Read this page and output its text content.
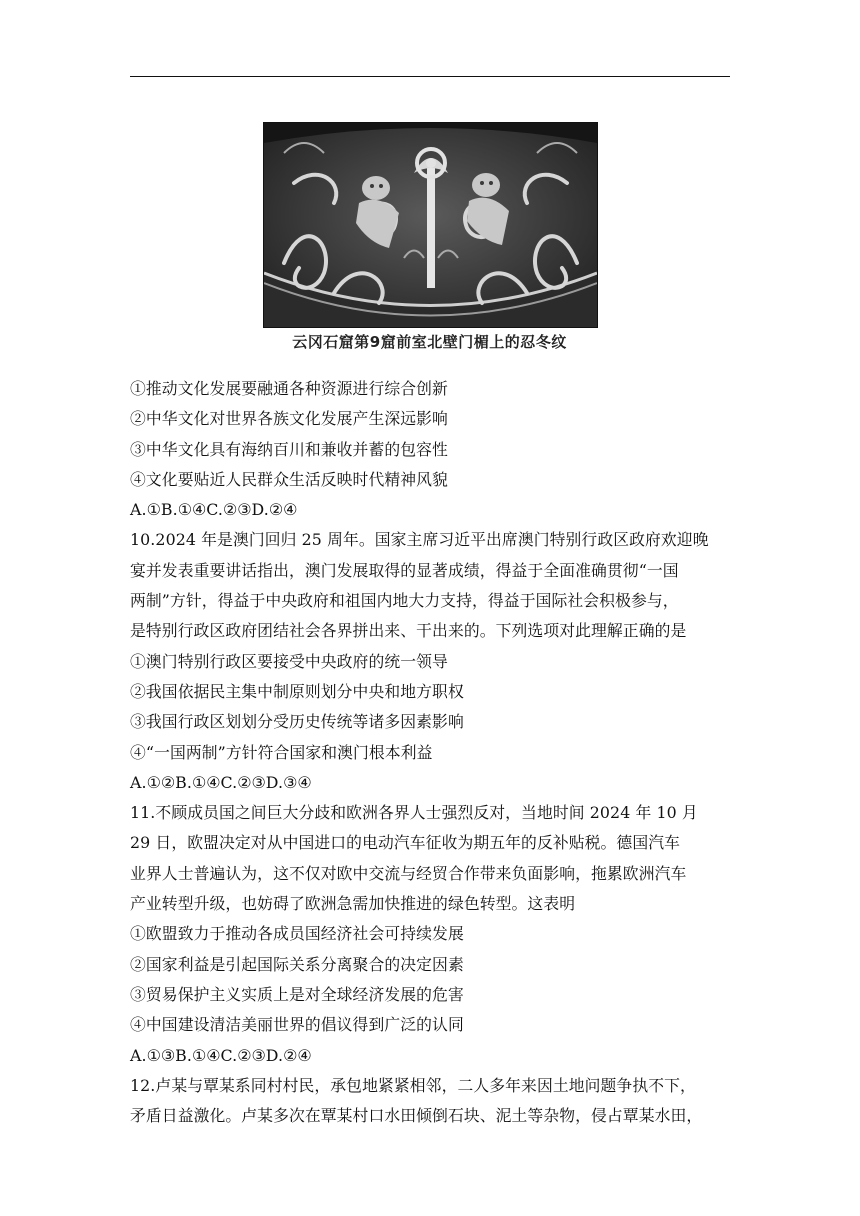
云冈石窟第9窟前室北壁门楣上的忍冬纹
①推动文化发展要融通各种资源进行综合创新
②中华文化对世界各族文化发展产生深远影响
③中华文化具有海纳百川和兼收并蓄的包容性
④文化要贴近人民群众生活反映时代精神风貌
A.①B.①④C.②③D.②④
10.2024 年是澳门回归 25 周年。国家主席习近平出席澳门特别行政区政府欢迎晚
宴并发表重要讲话指出，澳门发展取得的显著成绩，得益于全面准确贯彻“一国
两制”方针，得益于中央政府和祖国内地大力支持，得益于国际社会积极参与，
是特别行政区政府团结社会各界拼出来、干出来的。下列选项对此理解正确的是
①澳门特别行政区要接受中央政府的统一领导
②我国依据民主集中制原则划分中央和地方职权
③我国行政区划划分受历史传统等诸多因素影响
④“一国两制”方针符合国家和澳门根本利益
A.①②B.①④C.②③D.③④
11.不顾成员国之间巨大分歧和欧洲各界人士强烈反对，当地时间 2024 年 10 月
29 日，欧盟决定对从中国进口的电动汽车征收为期五年的反补贴税。德国汽车
业界人士普遍认为，这不仅对欧中交流与经贸合作带来负面影响，拖累欧洲汽车
产业转型升级，也妨碍了欧洲急需加快推进的绿色转型。这表明
①欧盟致力于推动各成员国经济社会可持续发展
②国家利益是引起国际关系分离聚合的决定因素
③贸易保护主义实质上是对全球经济发展的危害
④中国建设清洁美丽世界的倡议得到广泛的认同
A.①③B.①④C.②③D.②④
12.卢某与覃某系同村村民，承包地紧紧相邻，二人多年来因土地问题争执不下，
矛盾日益激化。卢某多次在覃某村口水田倾倒石块、泥土等杂物，侵占覃某水田，
